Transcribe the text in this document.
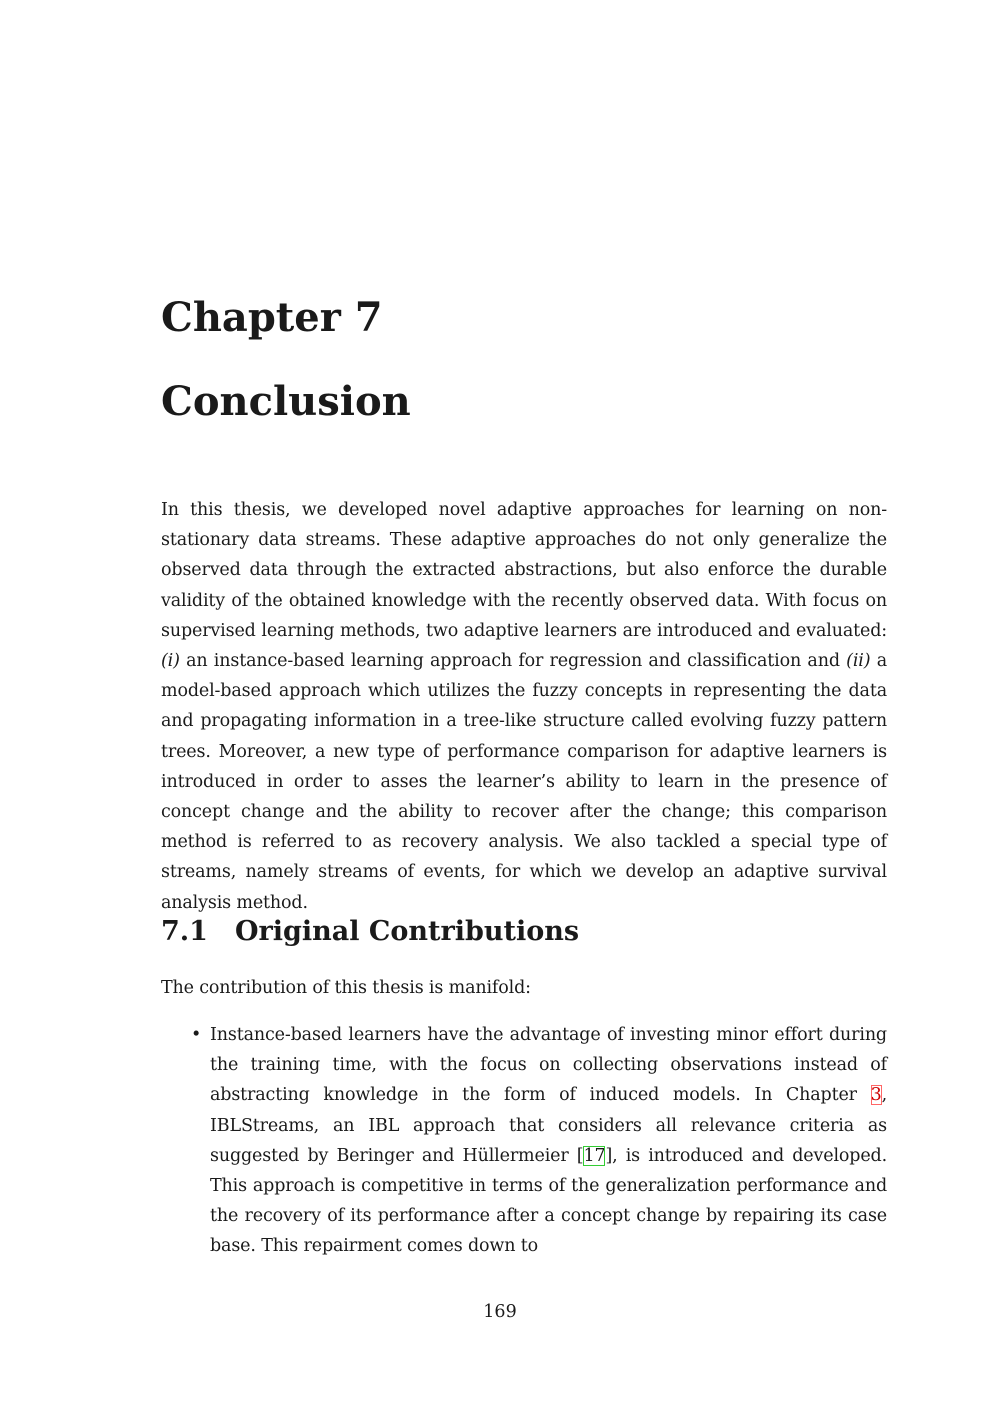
Chapter 7
Conclusion

In this thesis, we developed novel adaptive approaches for learning on non-stationary data streams. These adaptive approaches do not only generalize the observed data through the extracted abstractions, but also enforce the durable validity of the obtained knowledge with the recently observed data. With focus on supervised learning methods, two adaptive learners are introduced and evaluated: (i) an instance-based learning approach for regression and classification and (ii) a model-based approach which utilizes the fuzzy concepts in representing the data and propagating information in a tree-like structure called evolving fuzzy pattern trees. Moreover, a new type of performance comparison for adaptive learners is introduced in order to asses the learner’s ability to learn in the presence of concept change and the ability to recover after the change; this comparison method is referred to as recovery analysis. We also tackled a special type of streams, namely streams of events, for which we develop an adaptive survival analysis method.

7.1	Original Contributions

The contribution of this thesis is manifold:

• Instance-based learners have the advantage of investing minor effort during the training time, with the focus on collecting observations instead of abstracting knowledge in the form of induced models. In Chapter 3, IBLStreams, an IBL approach that considers all relevance criteria as suggested by Beringer and Hüllermeier [17], is introduced and developed. This approach is competitive in terms of the generalization performance and the recovery of its performance after a concept change by repairing its case base. This repairment comes down to

169
